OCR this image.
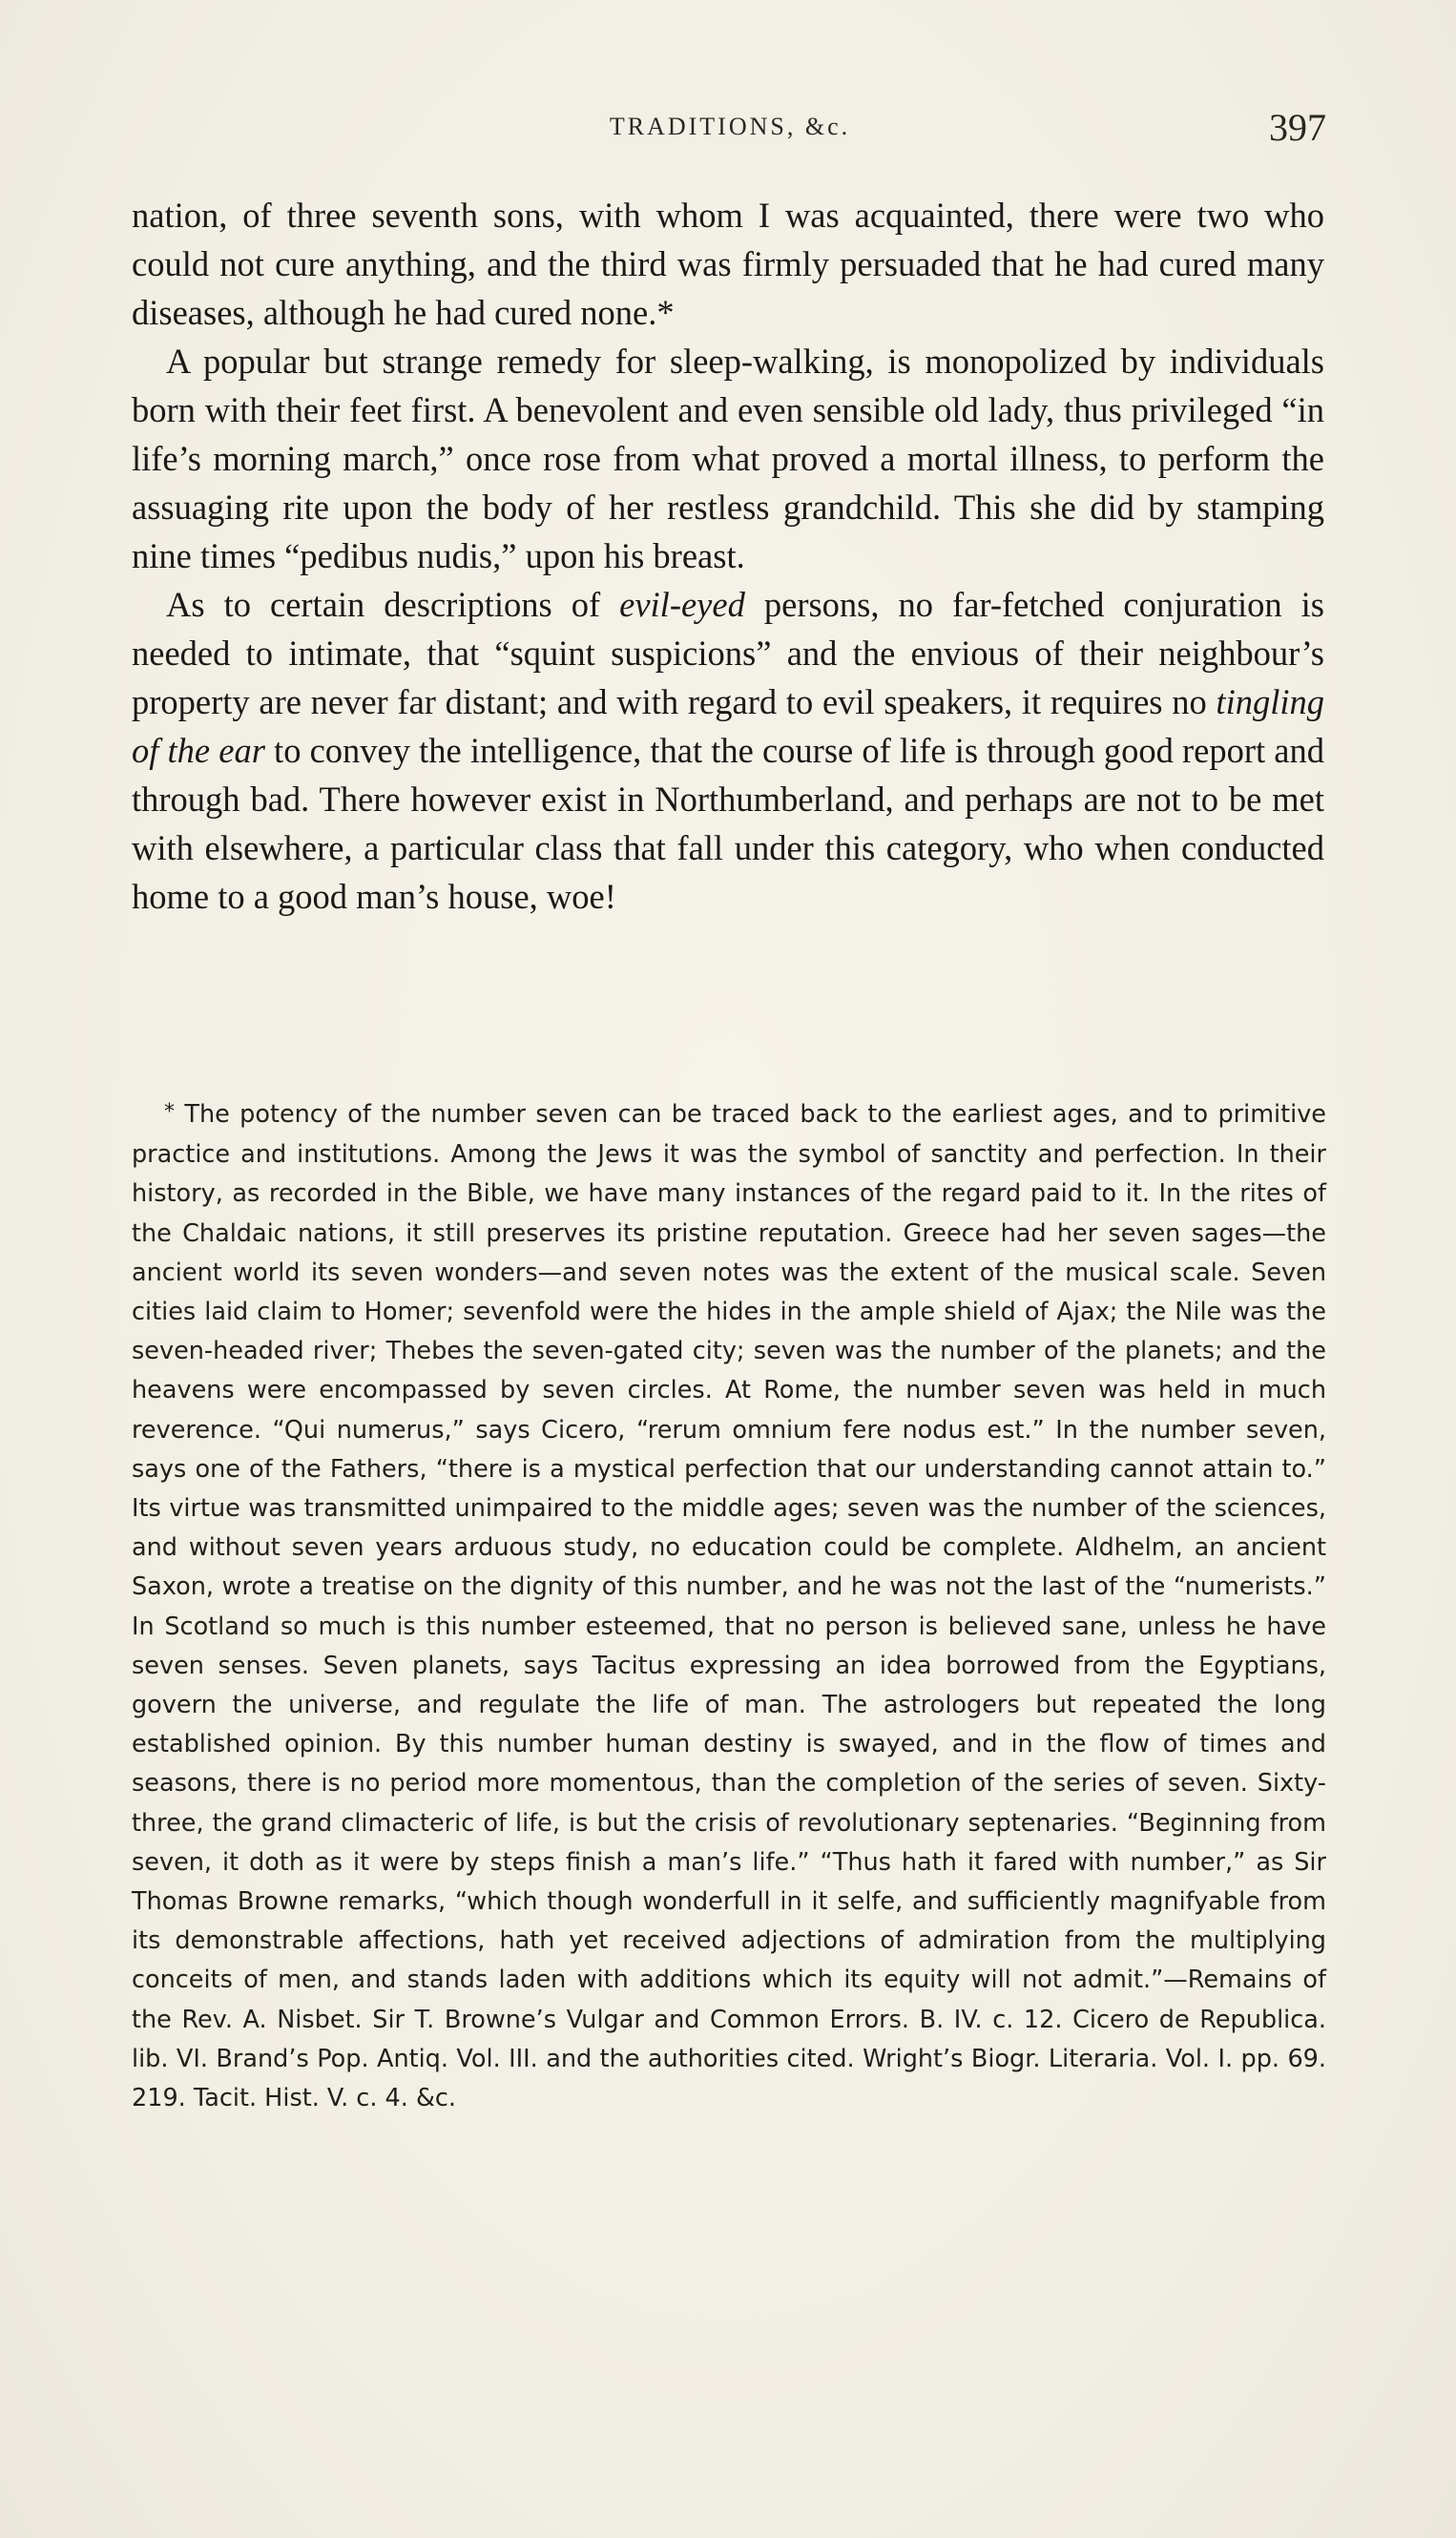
TRADITIONS, &c.	397

nation, of three seventh sons, with whom I was acquainted, there were two who could not cure anything, and the third was firmly persuaded that he had cured many diseases, although he had cured none.*

A popular but strange remedy for sleep-walking, is monopolized by individuals born with their feet first. A benevolent and even sensible old lady, thus privileged “in life’s morning march,” once rose from what proved a mortal illness, to perform the assuaging rite upon the body of her restless grandchild. This she did by stamping nine times “pedibus nudis,” upon his breast.

As to certain descriptions of evil-eyed persons, no far-fetched conjuration is needed to intimate, that “squint suspicions” and the envious of their neighbour’s property are never far distant; and with regard to evil speakers, it requires no tingling of the ear to convey the intelligence, that the course of life is through good report and through bad. There however exist in Northumberland, and perhaps are not to be met with elsewhere, a particular class that fall under this category, who when conducted home to a good man’s house, woe!

* The potency of the number seven can be traced back to the earliest ages, and to primitive practice and institutions. Among the Jews it was the symbol of sanctity and perfection. In their history, as recorded in the Bible, we have many instances of the regard paid to it. In the rites of the Chaldaic nations, it still preserves its pristine reputation. Greece had her seven sages—the ancient world its seven wonders—and seven notes was the extent of the musical scale. Seven cities laid claim to Homer; sevenfold were the hides in the ample shield of Ajax; the Nile was the seven-headed river; Thebes the seven-gated city; seven was the number of the planets; and the heavens were encompassed by seven circles. At Rome, the number seven was held in much reverence. “Qui numerus,” says Cicero, “rerum omnium fere nodus est.” In the number seven, says one of the Fathers, “there is a mystical perfection that our understanding cannot attain to.” Its virtue was transmitted unimpaired to the middle ages; seven was the number of the sciences, and without seven years arduous study, no education could be complete. Aldhelm, an ancient Saxon, wrote a treatise on the dignity of this number, and he was not the last of the “numerists.” In Scotland so much is this number esteemed, that no person is believed sane, unless he have seven senses. Seven planets, says Tacitus expressing an idea borrowed from the Egyptians, govern the universe, and regulate the life of man. The astrologers but repeated the long established opinion. By this number human destiny is swayed, and in the flow of times and seasons, there is no period more momentous, than the completion of the series of seven. Sixty-three, the grand climacteric of life, is but the crisis of revolutionary septenaries. “Beginning from seven, it doth as it were by steps finish a man’s life.” “Thus hath it fared with number,” as Sir Thomas Browne remarks, “which though wonderfull in it selfe, and sufficiently magnifyable from its demonstrable affections, hath yet received adjections of admiration from the multiplying conceits of men, and stands laden with additions which its equity will not admit.”—Remains of the Rev. A. Nisbet. Sir T. Browne’s Vulgar and Common Errors. B. IV. c. 12. Cicero de Republica. lib. VI. Brand’s Pop. Antiq. Vol. III. and the authorities cited. Wright’s Biogr. Literaria. Vol. I. pp. 69. 219. Tacit. Hist. V. c. 4. &c.
